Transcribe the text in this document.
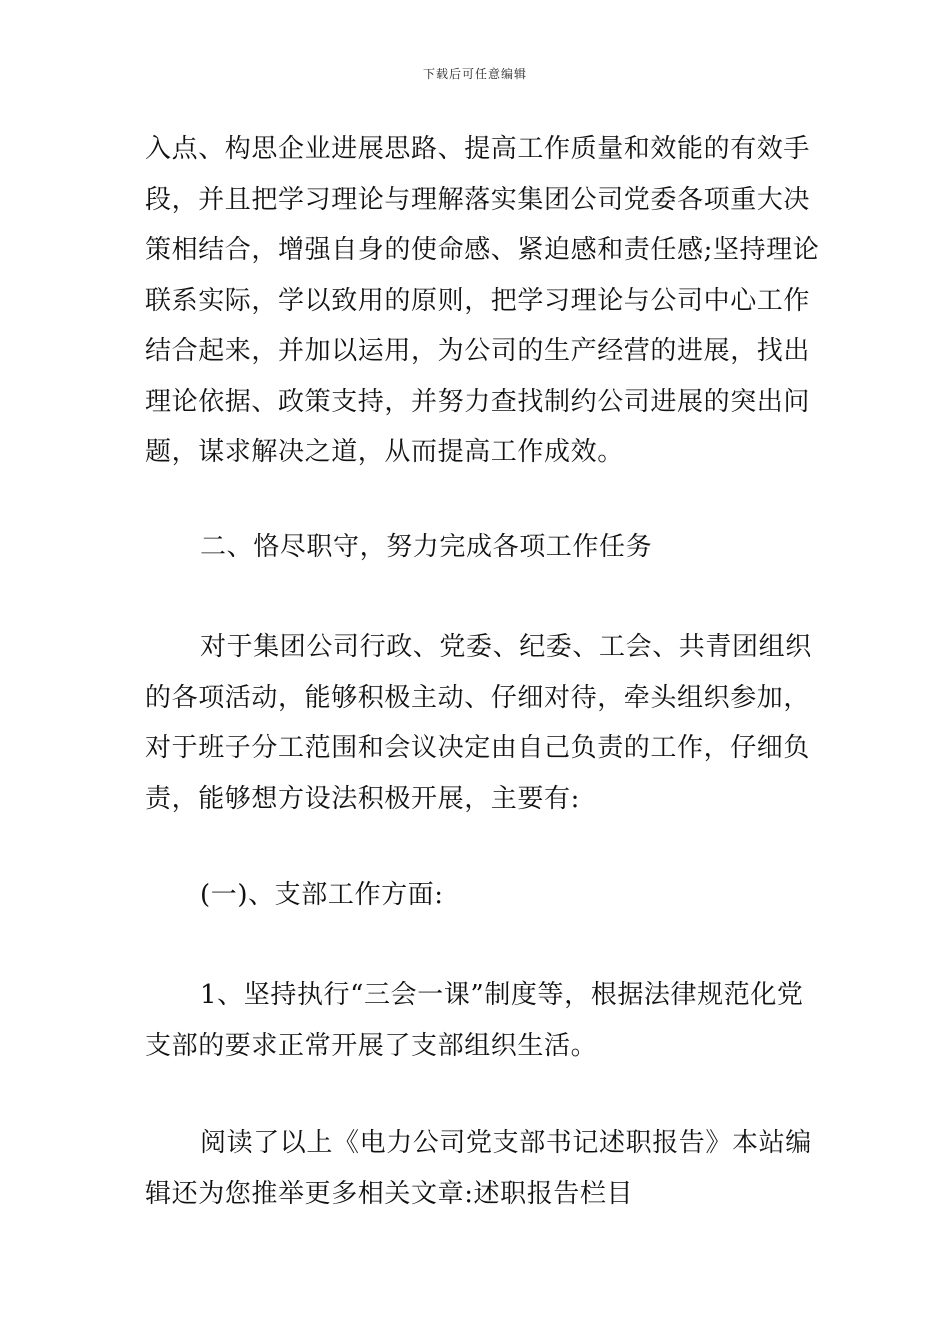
下载后可任意编辑
入点、构思企业进展思路、提高工作质量和效能的有效手
段，并且把学习理论与理解落实集团公司党委各项重大决
策相结合，增强自身的使命感、紧迫感和责任感;坚持理论
联系实际，学以致用的原则，把学习理论与公司中心工作
结合起来，并加以运用，为公司的生产经营的进展，找出
理论依据、政策支持，并努力查找制约公司进展的突出问
题，谋求解决之道，从而提高工作成效。
二、恪尽职守，努力完成各项工作任务
对于集团公司行政、党委、纪委、工会、共青团组织
的各项活动，能够积极主动、仔细对待，牵头组织参加，
对于班子分工范围和会议决定由自己负责的工作，仔细负
责，能够想方设法积极开展，主要有:
(一)、支部工作方面:
1、坚持执行“三会一课”制度等，根据法律规范化党
支部的要求正常开展了支部组织生活。
阅读了以上《电力公司党支部书记述职报告》本站编
辑还为您推举更多相关文章:述职报告栏目
